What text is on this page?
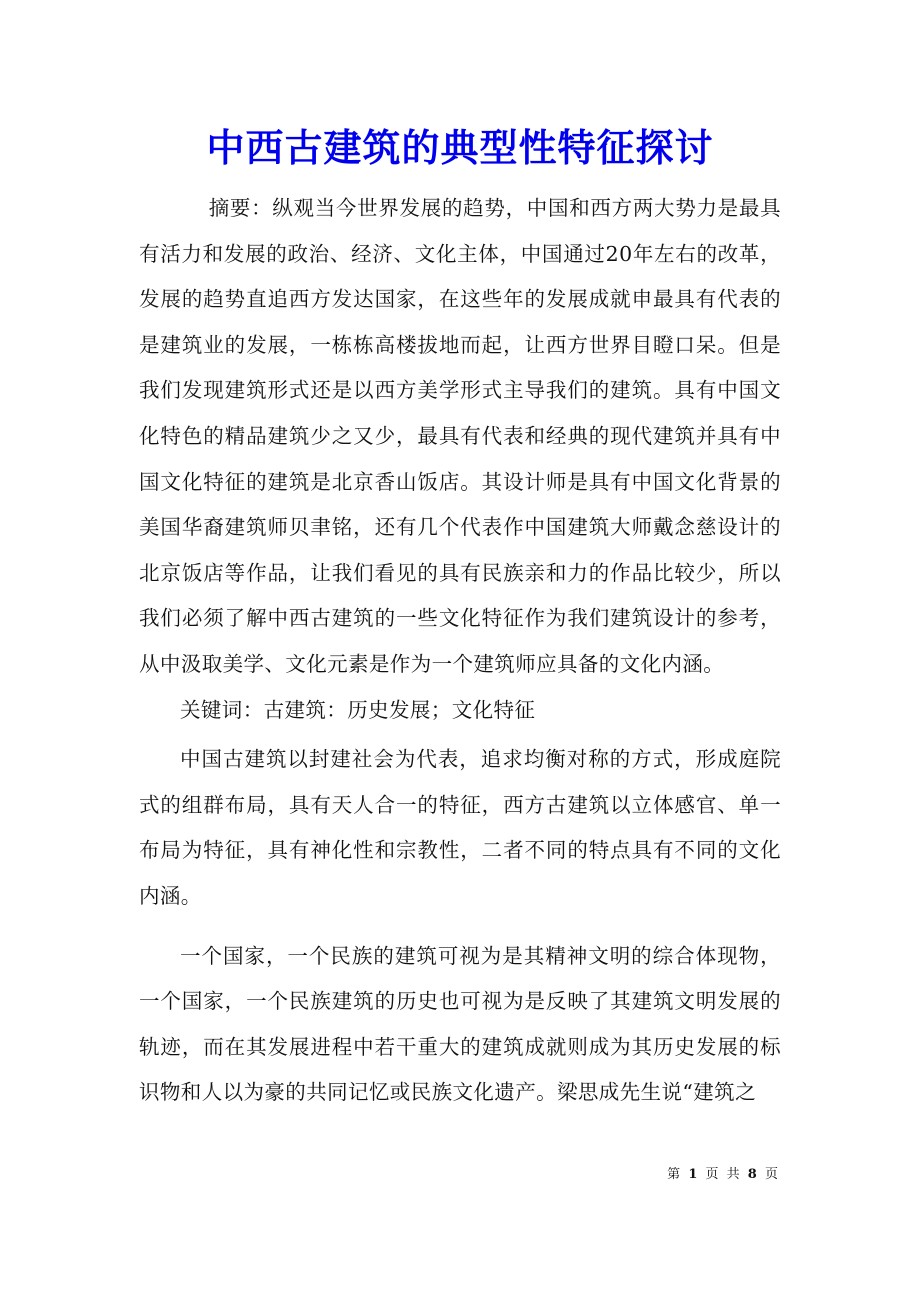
中西古建筑的典型性特征探讨

摘要：纵观当今世界发展的趋势，中国和西方两大势力是最具有活力和发展的政治、经济、文化主体，中国通过20年左右的改革，发展的趋势直追西方发达国家，在这些年的发展成就申最具有代表的是建筑业的发展，一栋栋高楼拔地而起，让西方世界目瞪口呆。但是我们发现建筑形式还是以西方美学形式主导我们的建筑。具有中国文化特色的精品建筑少之又少，最具有代表和经典的现代建筑并具有中国文化特征的建筑是北京香山饭店。其设计师是具有中国文化背景的美国华裔建筑师贝聿铭，还有几个代表作中国建筑大师戴念慈设计的北京饭店等作品，让我们看见的具有民族亲和力的作品比较少，所以我们必须了解中西古建筑的一些文化特征作为我们建筑设计的参考，从中汲取美学、文化元素是作为一个建筑师应具备的文化内涵。

关键词：古建筑：历史发展；文化特征

中国古建筑以封建社会为代表，追求均衡对称的方式，形成庭院式的组群布局，具有天人合一的特征，西方古建筑以立体感官、单一布局为特征，具有神化性和宗教性，二者不同的特点具有不同的文化内涵。

一个国家，一个民族的建筑可视为是其精神文明的综合体现物，一个国家，一个民族建筑的历史也可视为是反映了其建筑文明发展的轨迹，而在其发展进程中若干重大的建筑成就则成为其历史发展的标识物和人以为豪的共同记忆或民族文化遗产。梁思成先生说“建筑之

第 1 页 共 8 页
